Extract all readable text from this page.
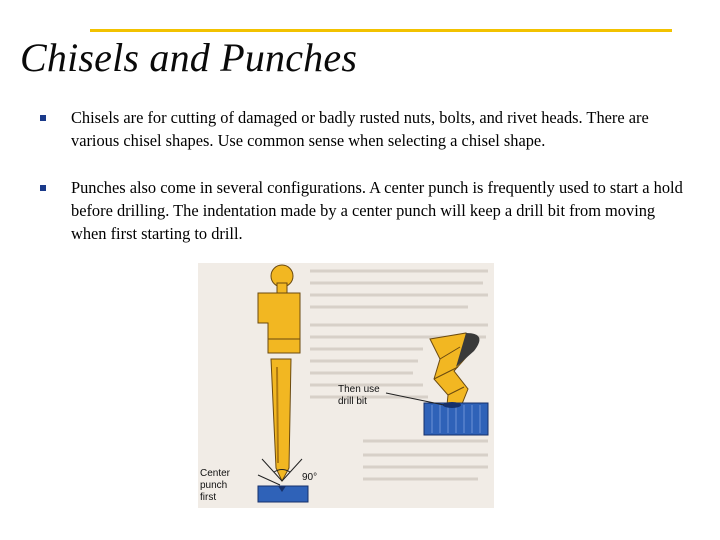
Chisels and Punches
Chisels are for cutting of damaged or badly rusted nuts, bolts, and rivet heads. There are various chisel shapes. Use common sense when selecting a chisel shape.
Punches also come in several configurations. A center punch is frequently used to start a hold before drilling. The indentation made by a center punch will keep a drill bit from moving when first starting to drill.
Center
punch
first
90°
Then use
drill bit
